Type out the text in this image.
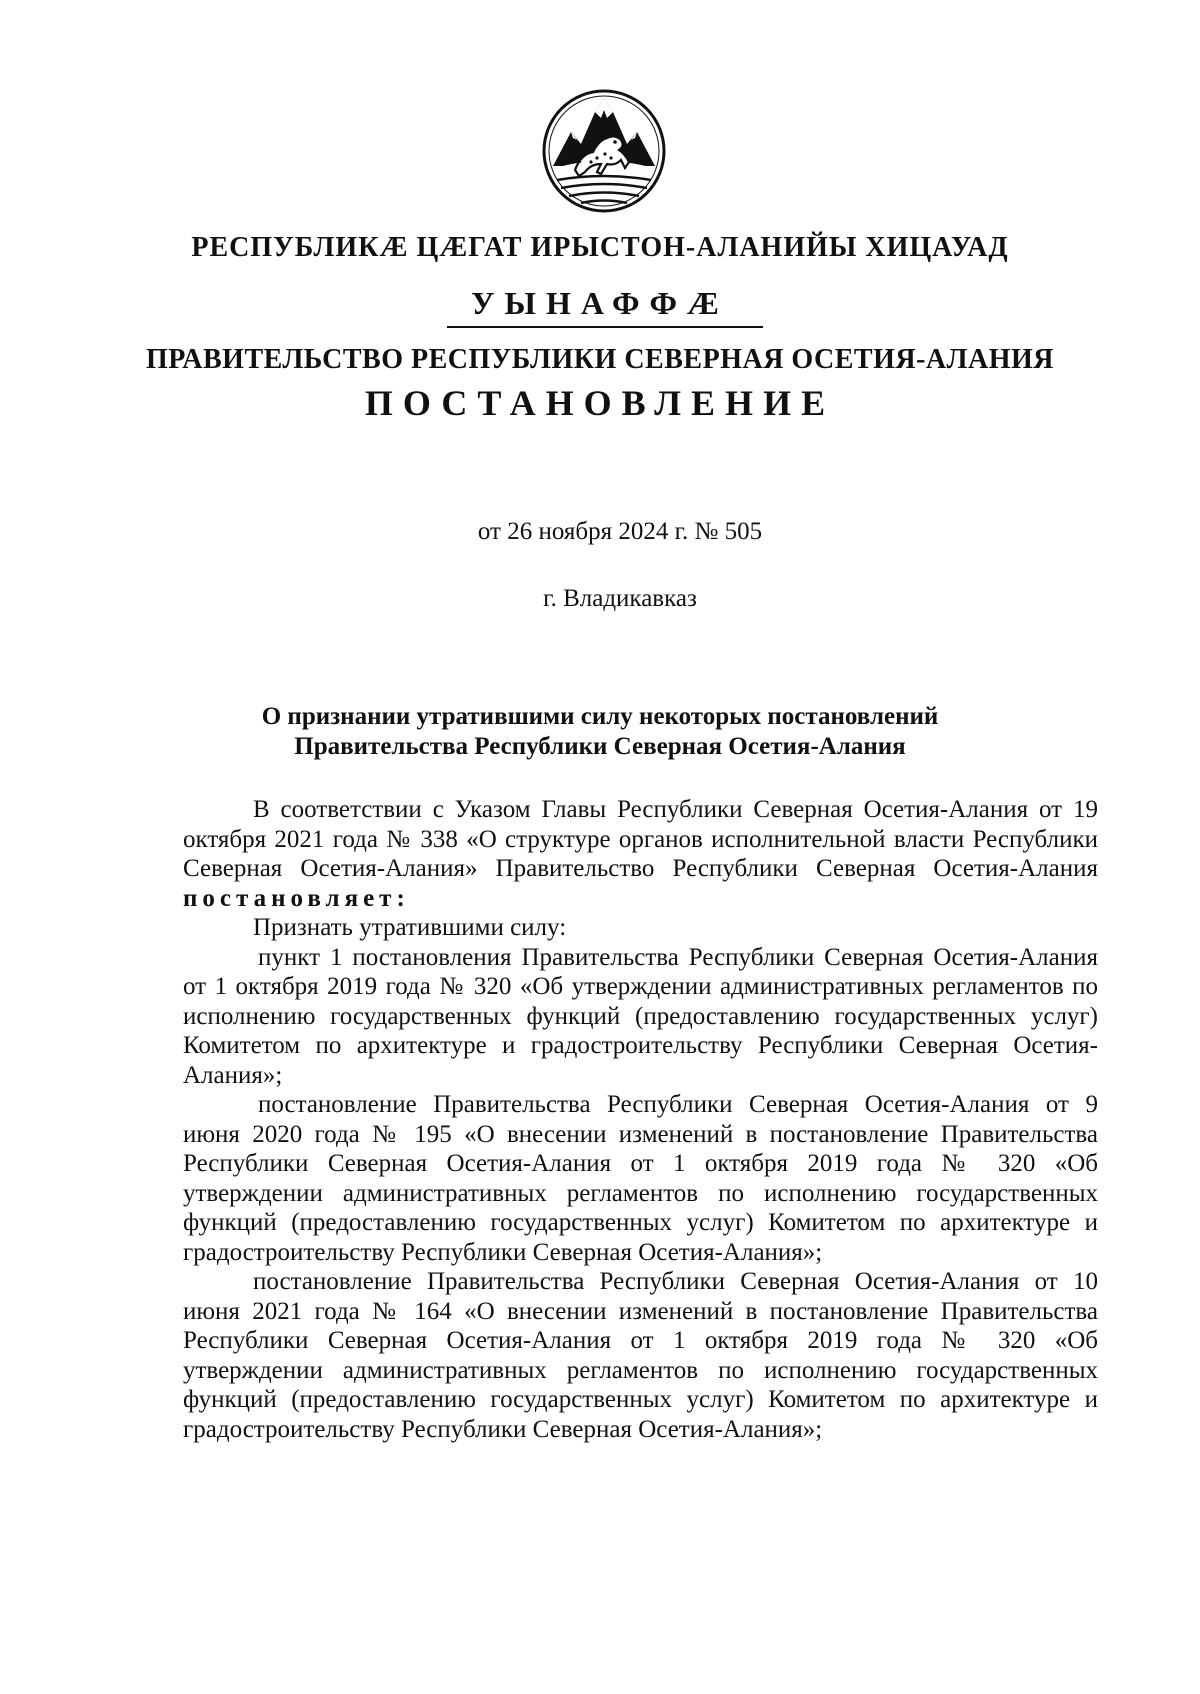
РЕСПУБЛИКӔ ЦӔГАТ ИРЫСТОН-АЛАНИЙЫ ХИЦАУАД
УЫНАФФӔ
ПРАВИТЕЛЬСТВО РЕСПУБЛИКИ СЕВЕРНАЯ ОСЕТИЯ-АЛАНИЯ
ПОСТАНОВЛЕНИЕ
от 26 ноября 2024 г. № 505
г. Владикавказ
О признании утратившими силу некоторых постановлений
Правительства Республики Северная Осетия-Алания

В соответствии с Указом Главы Республики Северная Осетия-Алания от 19 октября 2021 года № 338 «О структуре органов исполнительной власти Республики Северная Осетия-Алания» Правительство Республики Северная Осетия-Алания постановляет:

Признать утратившими силу:

пункт 1 постановления Правительства Республики Северная Осетия-Алания от 1 октября 2019 года № 320 «Об утверждении административных регламентов по исполнению государственных функций (предоставлению государственных услуг) Комитетом по архитектуре и градостроительству Республики Северная Осетия-Алания»;

постановление Правительства Республики Северная Осетия-Алания от 9 июня 2020 года № 195 «О внесении изменений в постановление Правительства Республики Северная Осетия-Алания от 1 октября 2019 года № 320 «Об утверждении административных регламентов по исполнению государственных функций (предоставлению государственных услуг) Комитетом по архитектуре и градостроительству Республики Северная Осетия-Алания»;

постановление Правительства Республики Северная Осетия-Алания от 10 июня 2021 года № 164 «О внесении изменений в постановление Правительства Республики Северная Осетия-Алания от 1 октября 2019 года № 320 «Об утверждении административных регламентов по исполнению государственных функций (предоставлению государственных услуг) Комитетом по архитектуре и градостроительству Республики Северная Осетия-Алания»;
